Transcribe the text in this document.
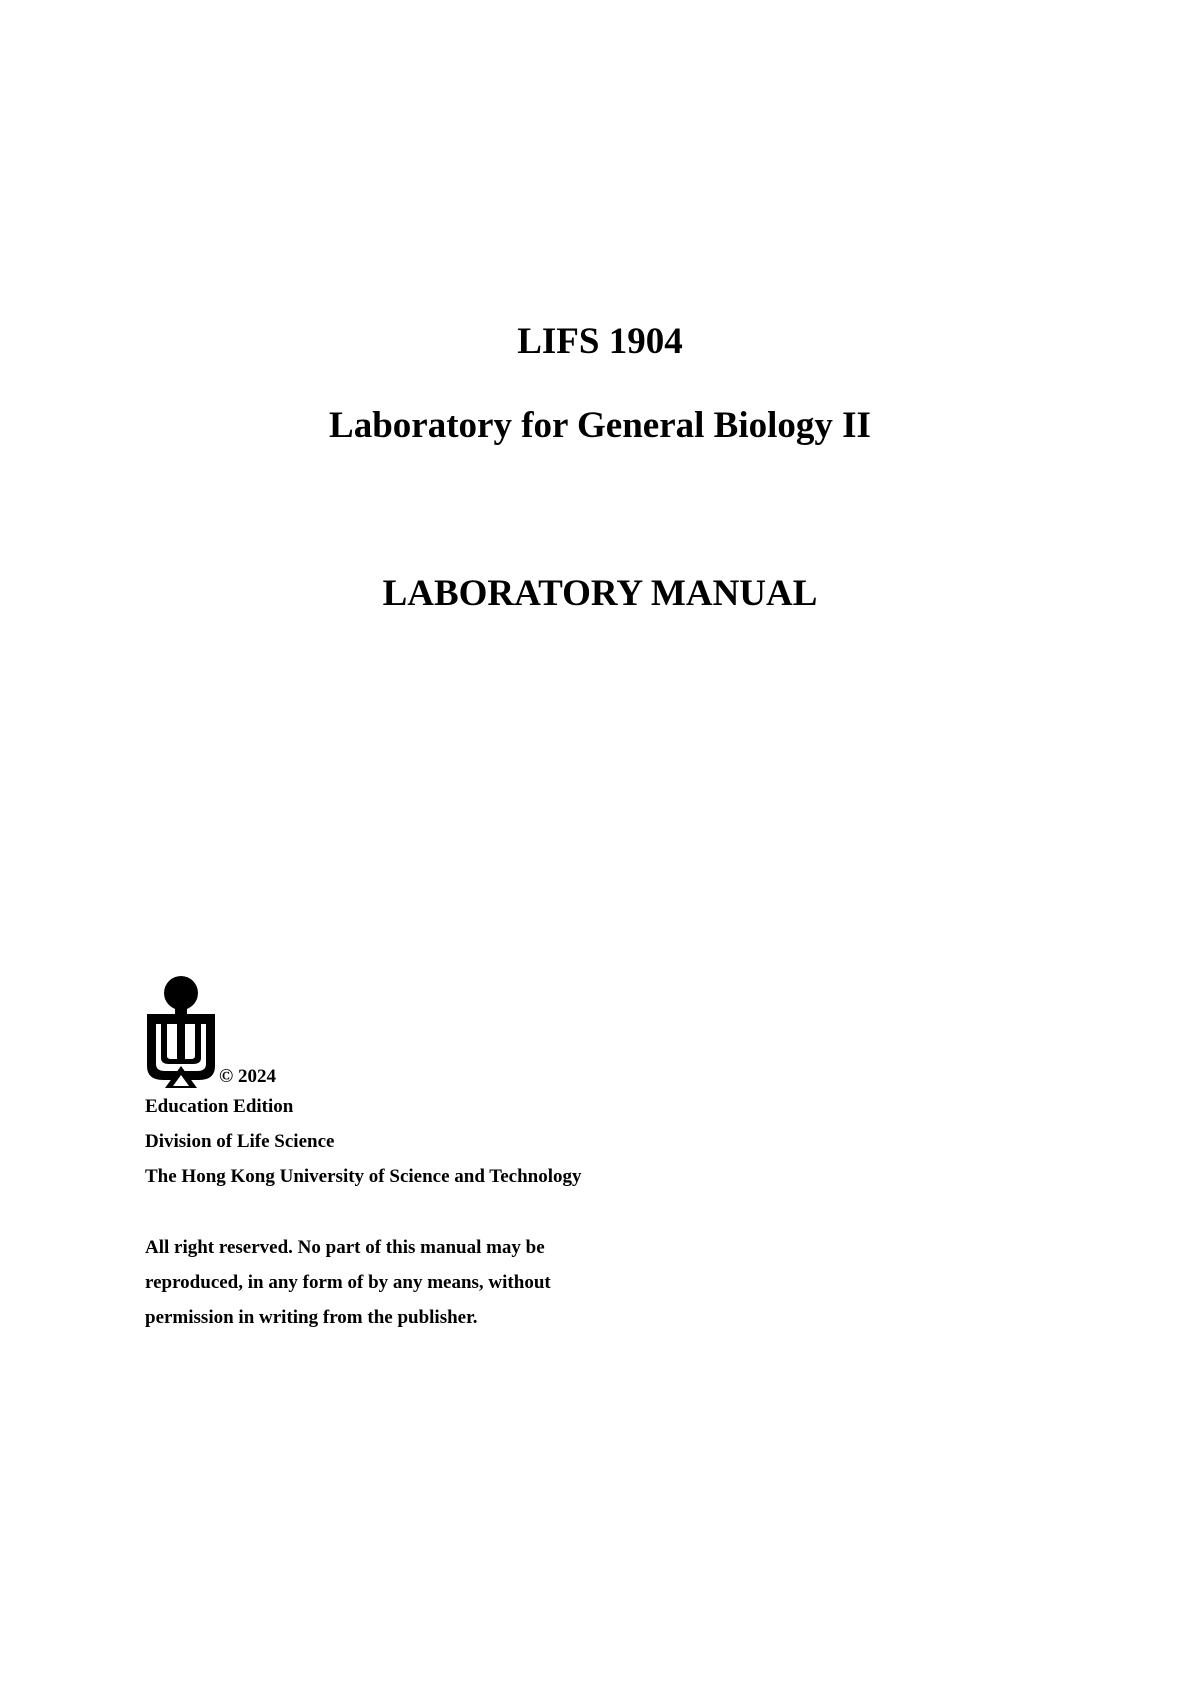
LIFS 1904
Laboratory for General Biology II
LABORATORY MANUAL
© 2024
Education Edition
Division of Life Science
The Hong Kong University of Science and Technology
All right reserved. No part of this manual may be
reproduced, in any form of by any means, without
permission in writing from the publisher.
